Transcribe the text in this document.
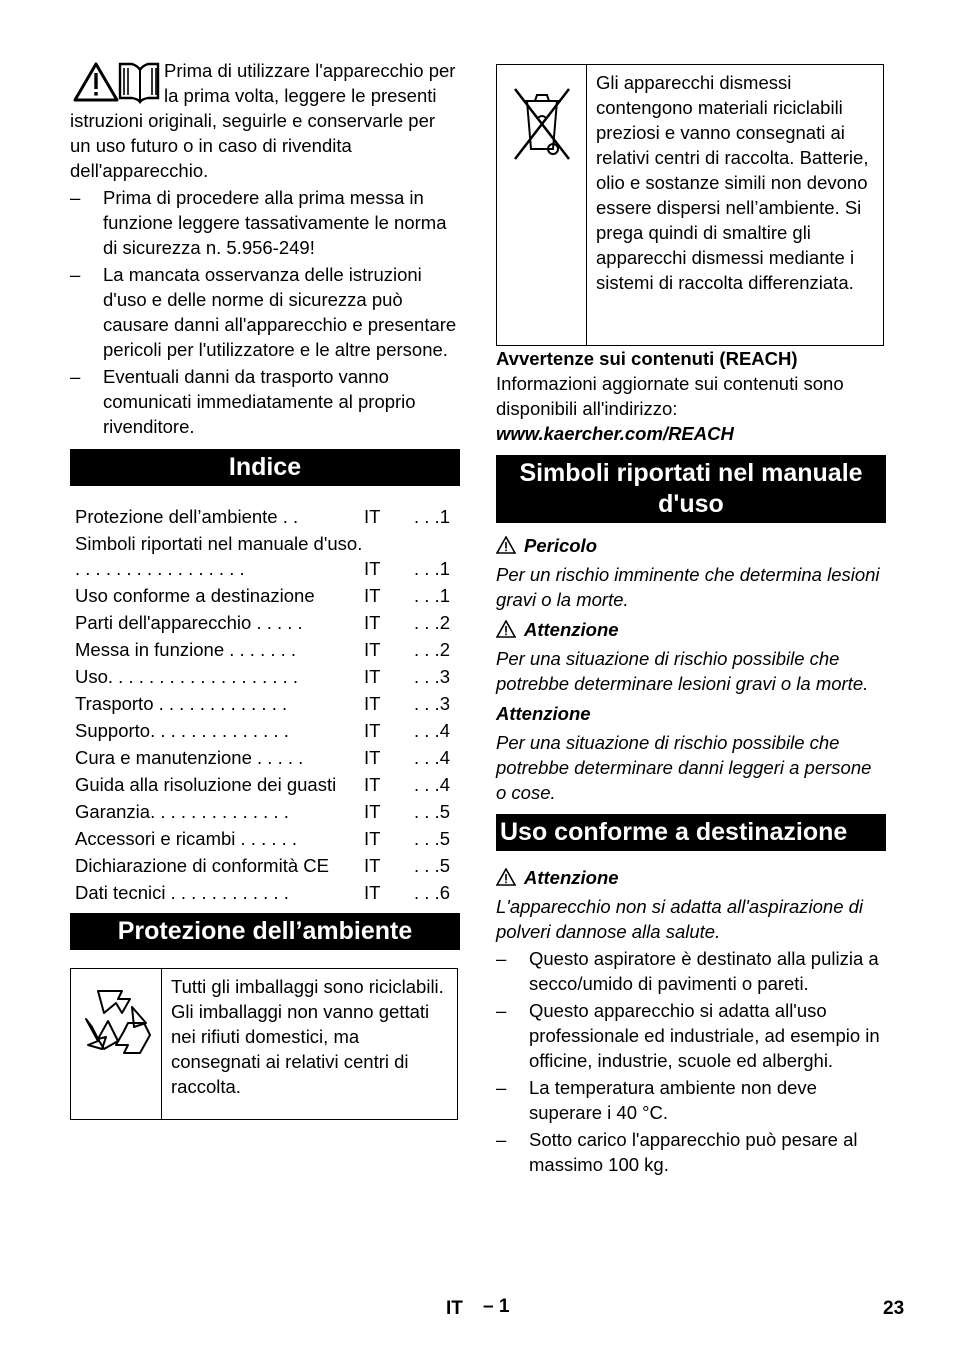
Prima di utilizzare l'apparecchio per la prima volta, leggere le presenti istruzioni originali, seguirle e conservarle per un uso futuro o in caso di rivendita dell'apparecchio.
– Prima di procedere alla prima messa in funzione leggere tassativamente le norma di sicurezza n. 5.956-249!
– La mancata osservanza delle istruzioni d'uso e delle norme di sicurezza può causare danni all'apparecchio e presentare pericoli per l'utilizzatore e le altre persone.
– Eventuali danni da trasporto vanno comunicati immediatamente al proprio rivenditore.
Indice
Protezione dell’ambiente . .	IT	. . .1
Simboli riportati nel manuale d'uso. . . . . . . . . . . . . . . . . .	IT	. . .1
Uso conforme a destinazione	IT	. . .1
Parti dell'apparecchio . . . . .	IT	. . .2
Messa in funzione . . . . . . .	IT	. . .2
Uso. . . . . . . . . . . . . . . . . . .	IT	. . .3
Trasporto . . . . . . . . . . . . .	IT	. . .3
Supporto. . . . . . . . . . . . . .	IT	. . .4
Cura e manutenzione . . . . .	IT	. . .4
Guida alla risoluzione dei guasti	IT	. . .4
Garanzia. . . . . . . . . . . . . .	IT	. . .5
Accessori e ricambi . . . . . .	IT	. . .5
Dichiarazione di conformità CE	IT	. . .5
Dati tecnici . . . . . . . . . . . .	IT	. . .6
Protezione dell’ambiente
Tutti gli imballaggi sono riciclabili. Gli imballaggi non vanno gettati nei rifiuti domestici, ma consegnati ai relativi centri di raccolta.
Gli apparecchi dismessi contengono materiali riciclabili preziosi e vanno consegnati ai relativi centri di raccolta. Batterie, olio e sostanze simili non devono essere dispersi nell’ambiente. Si prega quindi di smaltire gli apparecchi dismessi mediante i sistemi di raccolta differenziata.

Avvertenze sui contenuti (REACH)

Informazioni aggiornate sui contenuti sono disponibili all'indirizzo:

www.kaercher.com/REACH

Simboli riportati nel manuale d'uso

Pericolo

Per un rischio imminente che determina lesioni gravi o la morte.

Attenzione

Per una situazione di rischio possibile che potrebbe determinare lesioni gravi o la morte.

Attenzione

Per una situazione di rischio possibile che potrebbe determinare danni leggeri a persone o cose.

Uso conforme a destinazione

Attenzione

L'apparecchio non si adatta all'aspirazione di polveri dannose alla salute.

– Questo aspiratore è destinato alla pulizia a secco/umido di pavimenti o pareti.
– Questo apparecchio si adatta all'uso professionale ed industriale, ad esempio in officine, industrie, scuole ed alberghi.
– La temperatura ambiente non deve superare i 40 °C.
– Sotto carico l'apparecchio può pesare al massimo 100 kg.
IT – 1	23
